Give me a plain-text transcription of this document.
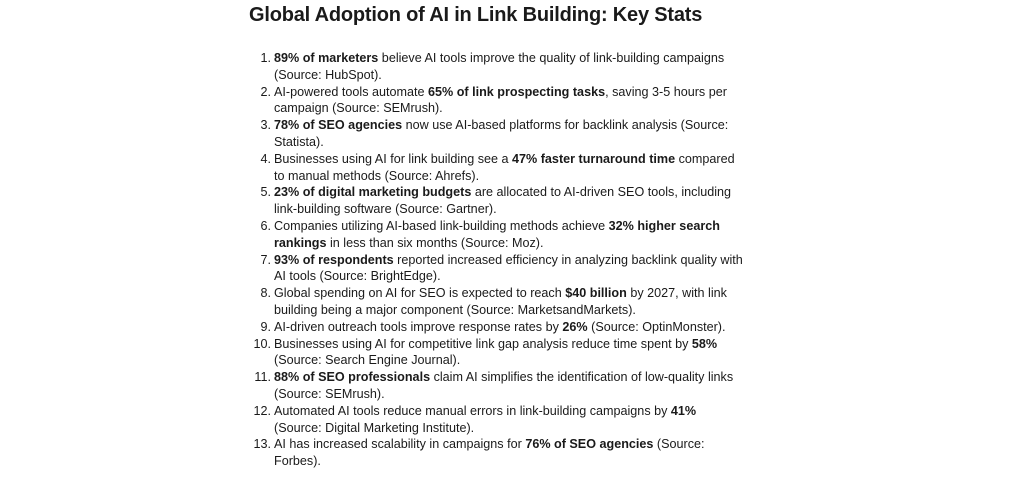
Global Adoption of AI in Link Building: Key Stats
1. 89% of marketers believe AI tools improve the quality of link-building campaigns (Source: HubSpot).
2. AI-powered tools automate 65% of link prospecting tasks, saving 3-5 hours per campaign (Source: SEMrush).
3. 78% of SEO agencies now use AI-based platforms for backlink analysis (Source: Statista).
4. Businesses using AI for link building see a 47% faster turnaround time compared to manual methods (Source: Ahrefs).
5. 23% of digital marketing budgets are allocated to AI-driven SEO tools, including link-building software (Source: Gartner).
6. Companies utilizing AI-based link-building methods achieve 32% higher search rankings in less than six months (Source: Moz).
7. 93% of respondents reported increased efficiency in analyzing backlink quality with AI tools (Source: BrightEdge).
8. Global spending on AI for SEO is expected to reach $40 billion by 2027, with link building being a major component (Source: MarketsandMarkets).
9. AI-driven outreach tools improve response rates by 26% (Source: OptinMonster).
10. Businesses using AI for competitive link gap analysis reduce time spent by 58% (Source: Search Engine Journal).
11. 88% of SEO professionals claim AI simplifies the identification of low-quality links (Source: SEMrush).
12. Automated AI tools reduce manual errors in link-building campaigns by 41% (Source: Digital Marketing Institute).
13. AI has increased scalability in campaigns for 76% of SEO agencies (Source: Forbes).
